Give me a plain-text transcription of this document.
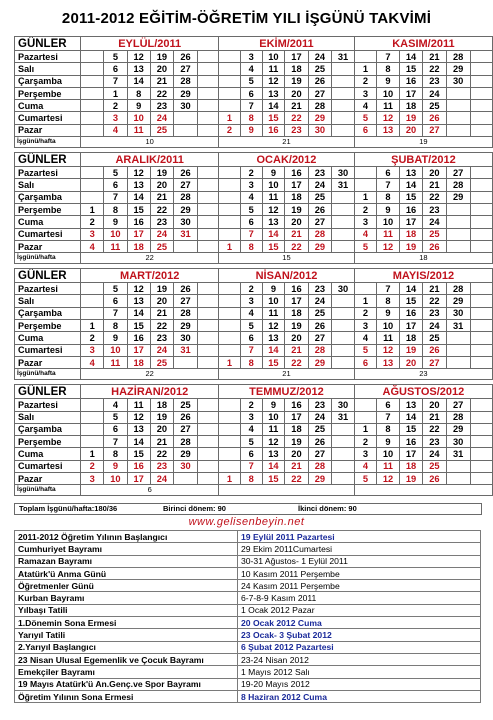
2011-2012 EĞİTİM-ÖĞRETİM YILI İŞGÜNÜ TAKVİMİ
GÜNLER	EYLÜL/2011						EKİM/2011						KASIM/2011					
Pazartesi		5	12	19	26			3	10	17	24	31		7	14	21	28	
Salı		6	13	20	27			4	11	18	25		1	8	15	22	29	
Çarşamba		7	14	21	28			5	12	19	26		2	9	16	23	30	
Perşembe		1	8	22	29			6	13	20	27		3	10	17	24		
Cuma		2	9	23	30			7	14	21	28		4	11	18	25		
Cumartesi		3	10	24			1	8	15	22	29		5	12	19	26		
Pazar		4	11	25			2	9	16	23	30		6	13	20	27		
İşgünü/hafta	10						21						19					

GÜNLER	ARALIK/2011						OCAK/2012						ŞUBAT/2012					
Pazartesi		5	12	19	26			2	9	16	23	30		6	13	20	27	
Salı		6	13	20	27			3	10	17	24	31		7	14	21	28	
Çarşamba		7	14	21	28			4	11	18	25		1	8	15	22	29	
Perşembe	1	8	15	22	29			5	12	19	26		2	9	16	23		
Cuma	2	9	16	23	30			6	13	20	27		3	10	17	24		
Cumartesi	3	10	17	24	31			7	14	21	28		4	11	18	25		
Pazar	4	11	18	25			1	8	15	22	29		5	12	19	26		
İşgünü/hafta	22						15						18					

GÜNLER	MART/2012						NİSAN/2012						MAYIS/2012					
Pazartesi		5	12	19	26			2	9	16	23	30		7	14	21	28	
Salı		6	13	20	27			3	10	17	24		1	8	15	22	29	
Çarşamba		7	14	21	28			4	11	18	25		2	9	16	23	30	
Perşembe	1	8	15	22	29			5	12	19	26		3	10	17	24	31	
Cuma	2	9	16	23	30			6	13	20	27		4	11	18	25		
Cumartesi	3	10	17	24	31			7	14	21	28		5	12	19	26		
Pazar	4	11	18	25			1	8	15	22	29		6	13	20	27		
İşgünü/hafta	22						21						23					

GÜNLER	HAZİRAN/2012						TEMMUZ/2012						AĞUSTOS/2012					
Pazartesi		4	11	18	25			2	9	16	23	30		6	13	20	27	
Salı		5	12	19	26			3	10	17	24	31		7	14	21	28	
Çarşamba		6	13	20	27			4	11	18	25		1	8	15	22	29	
Perşembe		7	14	21	28			5	12	19	26		2	9	16	23	30	
Cuma	1	8	15	22	29			6	13	20	27		3	10	17	24	31	
Cumartesi	2	9	16	23	30			7	14	21	28		4	11	18	25		
Pazar	3	10	17	24			1	8	15	22	29		5	12	19	26		
İşgünü/hafta	6																	
Toplam İşgünü/hafta:180/36	Birinci dönem: 90	İkinci dönem: 90
www.gelisenbeyin.net
2011-2012 Öğretim Yılının Başlangıcı	19 Eylül 2011 Pazartesi
Cumhuriyet Bayramı	29 Ekim 2011Cumartesi
Ramazan Bayramı	30-31 Ağustos- 1 Eylül 2011
Atatürk'ü Anma Günü	10 Kasım 2011 Perşembe
Öğretmenler Günü	24 Kasım 2011 Perşembe
Kurban Bayramı	6-7-8-9 Kasım 2011
Yılbaşı Tatili	1 Ocak 2012 Pazar
1.Dönemin Sona Ermesi	20 Ocak 2012 Cuma
Yarıyıl Tatili	23 Ocak- 3 Şubat 2012
2.Yarıyıl Başlangıcı	6 Şubat 2012 Pazartesi
23 Nisan Ulusal Egemenlik ve Çocuk Bayramı	23-24 Nisan 2012
Emekçiler Bayramı	1 Mayıs 2012 Salı
19 Mayıs Atatürk'ü An.Genç.ve Spor Bayramı	19-20 Mayıs 2012
Öğretim Yılının Sona Ermesi	8 Haziran 2012 Cuma
